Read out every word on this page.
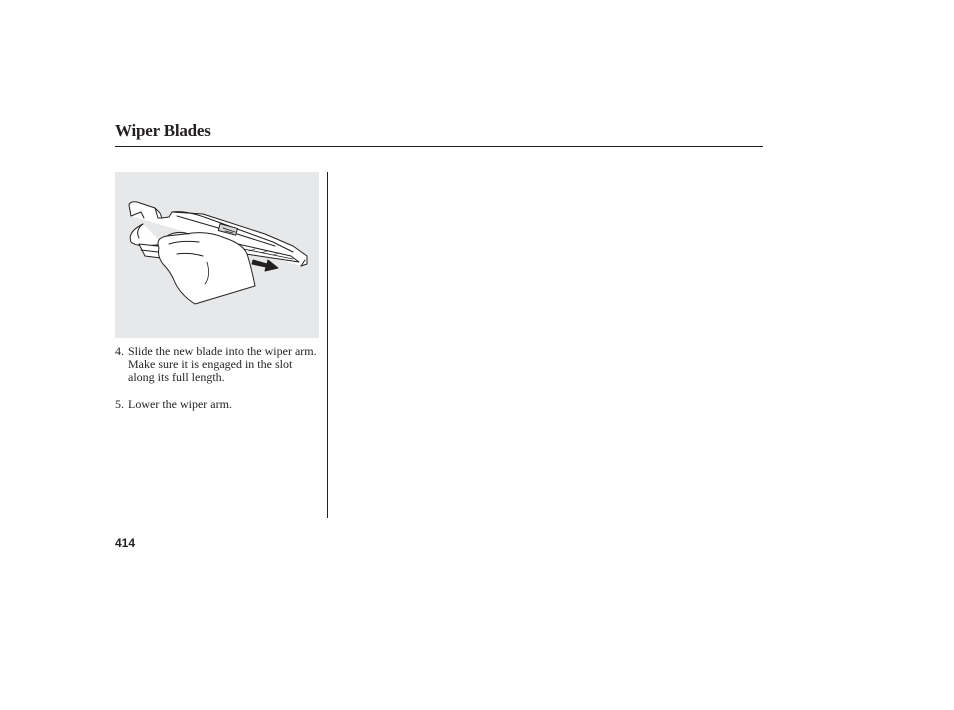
Wiper Blades
4. Slide the new blade into the wiper arm. Make sure it is engaged in the slot along its full length.
5. Lower the wiper arm.
414
